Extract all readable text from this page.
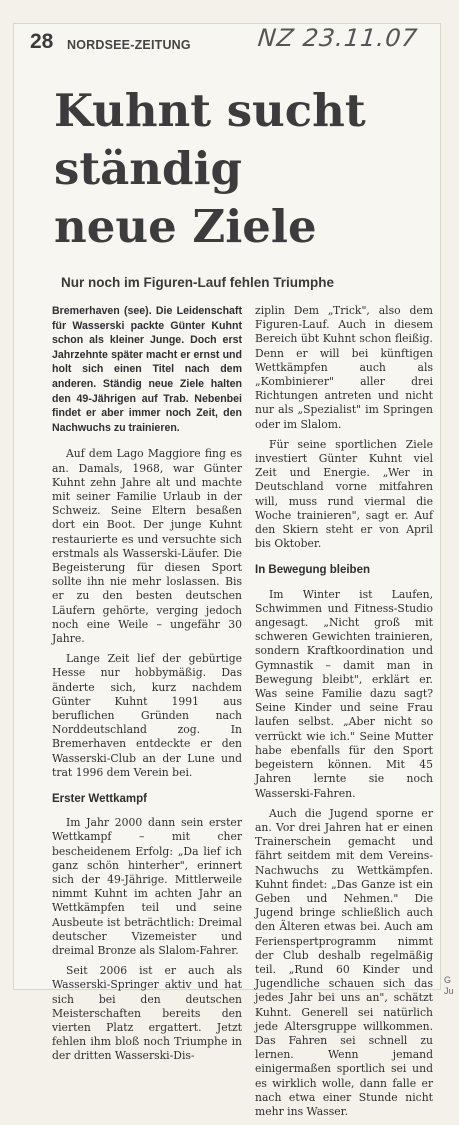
28 NORDSEE-ZEITUNG	NZ 23.11.07
Kuhnt sucht
ständig
neue Ziele
Nur noch im Figuren-Lauf fehlen Triumphe

Bremerhaven (see). Die Leidenschaft für Wasserski packte Günter Kuhnt schon als kleiner Junge. Doch erst Jahrzehnte später macht er ernst und holt sich einen Titel nach dem anderen. Ständig neue Ziele halten den 49-Jährigen auf Trab. Nebenbei findet er aber immer noch Zeit, den Nachwuchs zu trainieren.

Auf dem Lago Maggiore fing es an. Damals, 1968, war Günter Kuhnt zehn Jahre alt und machte mit seiner Familie Urlaub in der Schweiz. Seine Eltern besaßen dort ein Boot. Der junge Kuhnt restaurierte es und versuchte sich erstmals als Wasserski-Läufer. Die Begeisterung für diesen Sport sollte ihn nie mehr loslassen. Bis er zu den besten deutschen Läufern gehörte, verging jedoch noch eine Weile – ungefähr 30 Jahre.

Lange Zeit lief der gebürtige Hesse nur hobbymäßig. Das änderte sich, kurz nachdem Günter Kuhnt 1991 aus beruflichen Gründen nach Norddeutschland zog. In Bremerhaven entdeckte er den Wasserski-Club an der Lune und trat 1996 dem Verein bei.

Erster Wettkampf

Im Jahr 2000 dann sein erster Wettkampf – mit cher bescheidenem Erfolg: „Da lief ich ganz schön hinterher", erinnert sich der 49-Jährige. Mittlerweile nimmt Kuhnt im achten Jahr an Wettkämpfen teil und seine Ausbeute ist beträchtlich: Dreimal deutscher Vizemeister und dreimal Bronze als Slalom-Fahrer.

Seit 2006 ist er auch als Wasserski-Springer aktiv und hat sich bei den deutschen Meisterschaften bereits den vierten Platz ergattert. Jetzt fehlen ihm bloß noch Triumphe in der dritten Wasserski-Dis-

ziplin Dem „Trick", also dem Figuren-Lauf. Auch in diesem Bereich übt Kuhnt schon fleißig. Denn er will bei künftigen Wettkämpfen auch als „Kombinierer" aller drei Richtungen antreten und nicht nur als „Spezialist" im Springen oder im Slalom.

Für seine sportlichen Ziele investiert Günter Kuhnt viel Zeit und Energie. „Wer in Deutschland vorne mitfahren will, muss rund viermal die Woche trainieren", sagt er. Auf den Skiern steht er von April bis Oktober.

In Bewegung bleiben

Im Winter ist Laufen, Schwimmen und Fitness-Studio angesagt. „Nicht groß mit schweren Gewichten trainieren, sondern Kraftkoordination und Gymnastik – damit man in Bewegung bleibt", erklärt er. Was seine Familie dazu sagt? Seine Kinder und seine Frau laufen selbst. „Aber nicht so verrückt wie ich." Seine Mutter habe ebenfalls für den Sport begeistern können. Mit 45 Jahren lernte sie noch Wasserski-Fahren.

Auch die Jugend sporne er an. Vor drei Jahren hat er einen Trainerschein gemacht und fährt seitdem mit dem Vereins-Nachwuchs zu Wettkämpfen. Kuhnt findet: „Das Ganze ist ein Geben und Nehmen." Die Jugend bringe schließlich auch den Älteren etwas bei. Auch am Ferienspertprogramm nimmt der Club deshalb regelmäßig teil. „Rund 60 Kinder und Jugendliche schauen sich das jedes Jahr bei uns an", schätzt Kuhnt. Generell sei natürlich jede Altersgruppe willkommen. Das Fahren sei schnell zu lernen. Wenn jemand einigermaßen sportlich sei und es wirklich wolle, dann falle er nach etwa einer Stunde nicht mehr ins Wasser.

G
Ju
